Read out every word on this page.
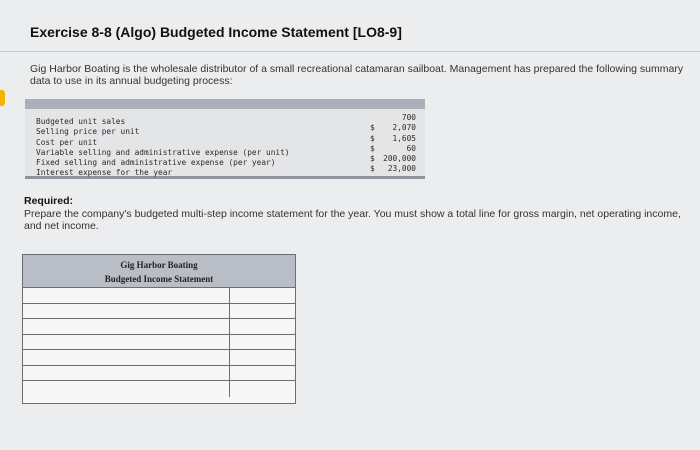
Exercise 8-8 (Algo) Budgeted Income Statement [LO8-9]
Gig Harbor Boating is the wholesale distributor of a small recreational catamaran sailboat. Management has prepared the following summary data to use in its annual budgeting process:
Budgeted unit sales
Selling price per unit
Cost per unit
Variable selling and administrative expense (per unit)
Fixed selling and administrative expense (per year)
Interest expense for the year
700
$ 2,070
$ 1,605
$	60
$ 200,000
$ 23,000
Required:
Prepare the company's budgeted multi-step income statement for the year. You must show a total line for gross margin, net operating income, and net income.
Gig Harbor Boating
Budgeted Income Statement
